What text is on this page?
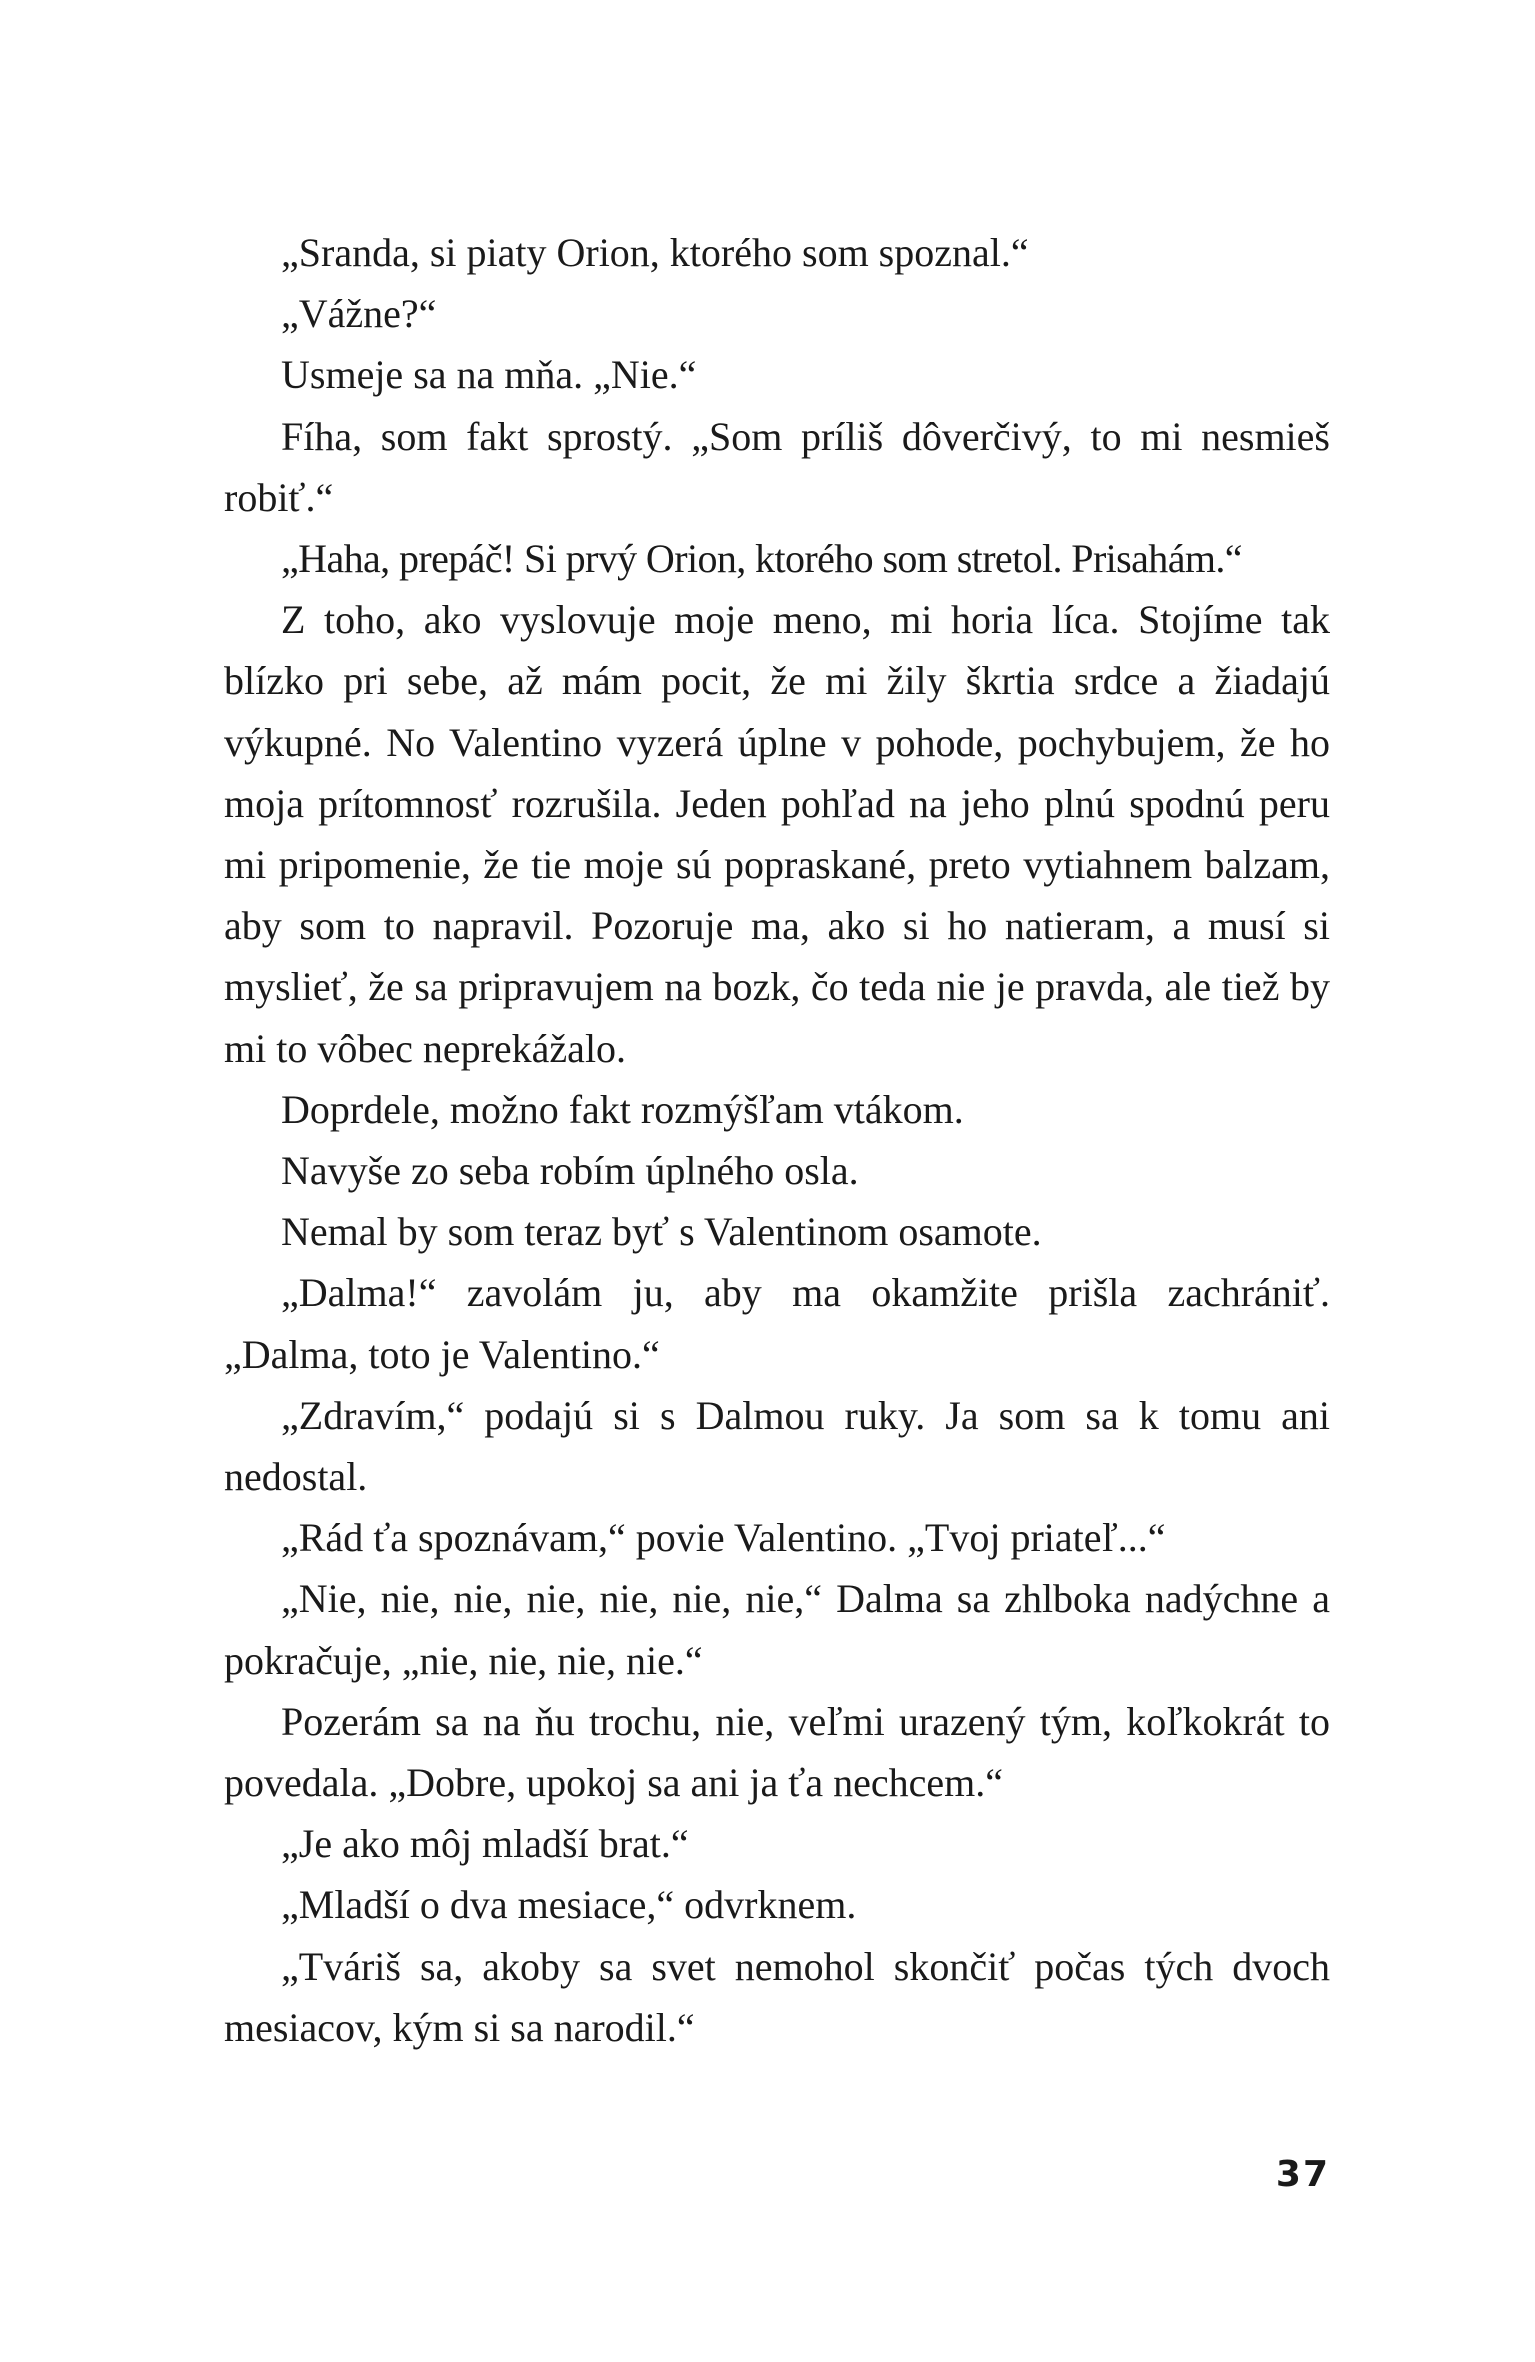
„Sranda, si piaty Orion, ktorého som spoznal.“

„Vážne?“

Usmeje sa na mňa. „Nie.“

Fíha, som fakt sprostý. „Som príliš dôverčivý, to mi nesmieš robiť.“

„Haha, prepáč! Si prvý Orion, ktorého som stretol. Prisahám.“

Z toho, ako vyslovuje moje meno, mi horia líca. Stojíme tak blízko pri sebe, až mám pocit, že mi žily škrtia srdce a žiadajú výkupné. No Valentino vyzerá úplne v pohode, pochybujem, že ho moja prítomnosť rozrušila. Jeden pohľad na jeho plnú spodnú peru mi pripomenie, že tie moje sú popraskané, preto vytiahnem balzam, aby som to napravil. Pozoruje ma, ako si ho natieram, a musí si myslieť, že sa pripravujem na bozk, čo teda nie je pravda, ale tiež by mi to vôbec neprekážalo.

Doprdele, možno fakt rozmýšľam vtákom.

Navyše zo seba robím úplného osla.

Nemal by som teraz byť s Valentinom osamote.

„Dalma!“ zavolám ju, aby ma okamžite prišla zachrániť. „Dalma, toto je Valentino.“

„Zdravím,“ podajú si s Dalmou ruky. Ja som sa k tomu ani nedostal.

„Rád ťa spoznávam,“ povie Valentino. „Tvoj priateľ...“

„Nie, nie, nie, nie, nie, nie, nie,“ Dalma sa zhlboka nadýchne a pokračuje, „nie, nie, nie, nie.“

Pozerám sa na ňu trochu, nie, veľmi urazený tým, koľkokrát to povedala. „Dobre, upokoj sa ani ja ťa nechcem.“

„Je ako môj mladší brat.“

„Mladší o dva mesiace,“ odvrknem.

„Tváriš sa, akoby sa svet nemohol skončiť počas tých dvoch mesiacov, kým si sa narodil.“

37
